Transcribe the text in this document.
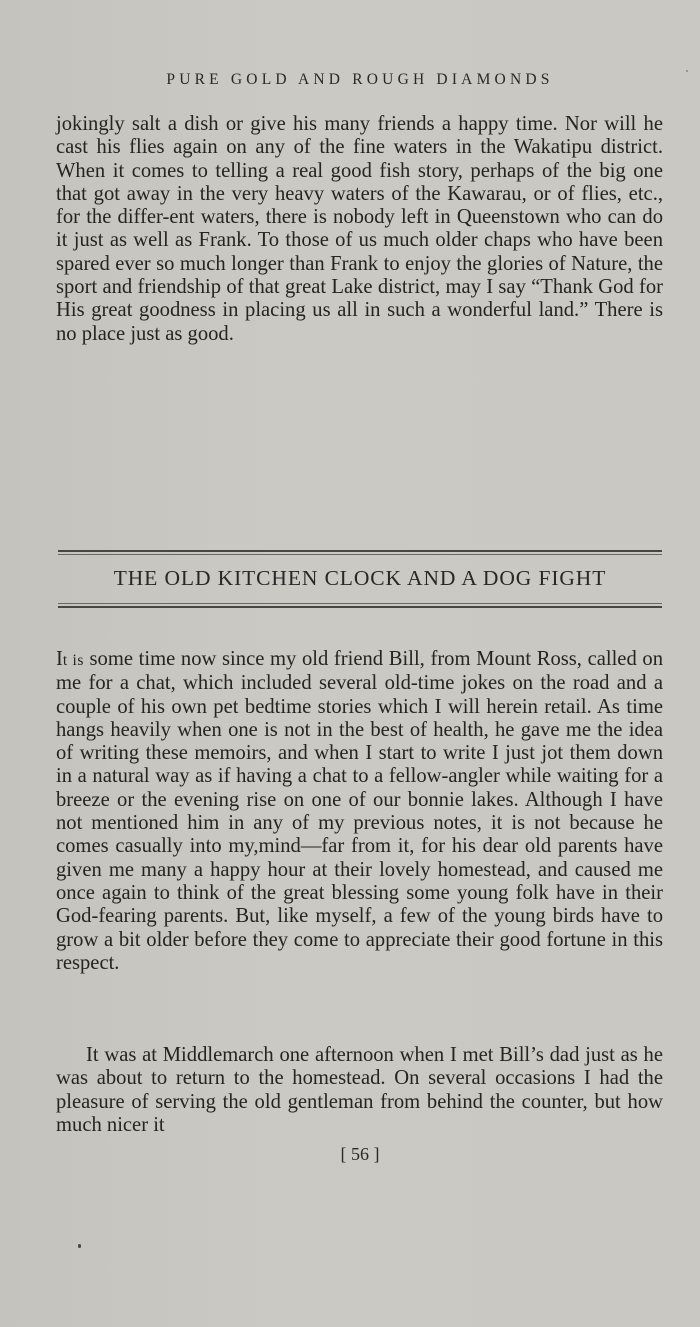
PURE GOLD AND ROUGH DIAMONDS

jokingly salt a dish or give his many friends a happy time. Nor will he cast his flies again on any of the fine waters in the Wakatipu district. When it comes to telling a real good fish story, perhaps of the big one that got away in the very heavy waters of the Kawarau, or of flies, etc., for the differ-ent waters, there is nobody left in Queenstown who can do it just as well as Frank. To those of us much older chaps who have been spared ever so much longer than Frank to enjoy the glories of Nature, the sport and friendship of that great Lake district, may I say “Thank God for His great goodness in placing us all in such a wonderful land.” There is no place just as good.

THE OLD KITCHEN CLOCK AND A DOG FIGHT

It is some time now since my old friend Bill, from Mount Ross, called on me for a chat, which included several old-time jokes on the road and a couple of his own pet bedtime stories which I will herein retail. As time hangs heavily when one is not in the best of health, he gave me the idea of writing these memoirs, and when I start to write I just jot them down in a natural way as if having a chat to a fellow-angler while waiting for a breeze or the evening rise on one of our bonnie lakes. Although I have not mentioned him in any of my previous notes, it is not because he comes casually into my,mind—far from it, for his dear old parents have given me many a happy hour at their lovely homestead, and caused me once again to think of the great blessing some young folk have in their God-fearing parents. But, like myself, a few of the young birds have to grow a bit older before they come to appreciate their good fortune in this respect.

It was at Middlemarch one afternoon when I met Bill’s dad just as he was about to return to the homestead. On several occasions I had the pleasure of serving the old gentleman from behind the counter, but how much nicer it

[ 56 ]
